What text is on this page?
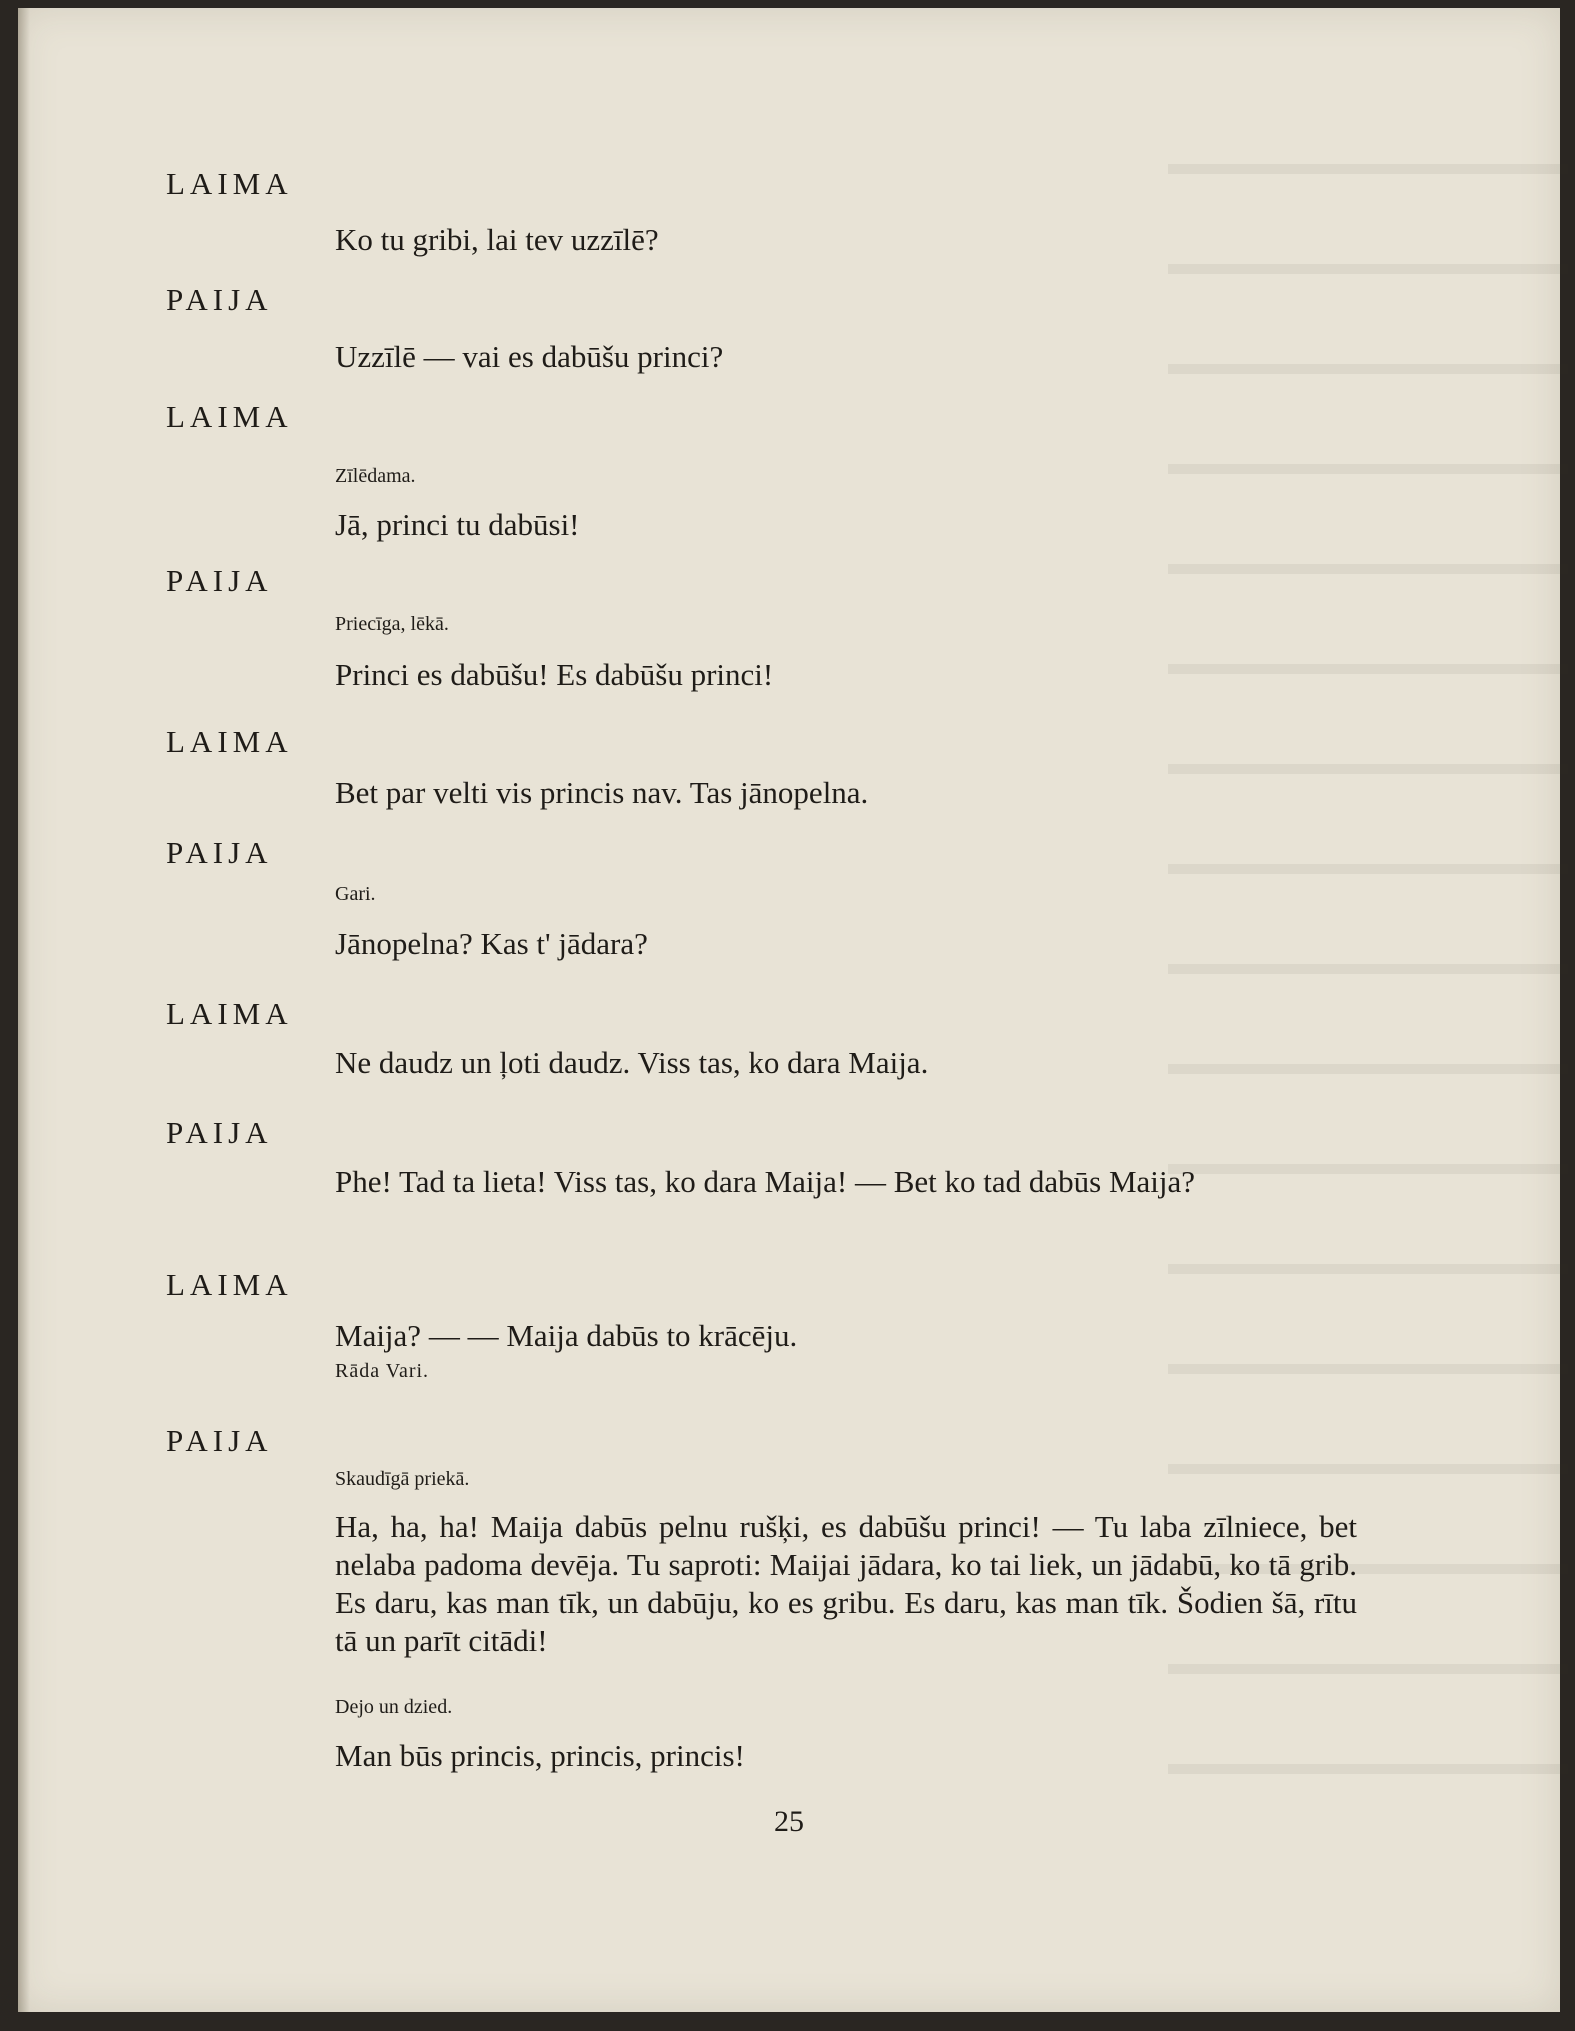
LAIMA
Ko tu gribi, lai tev uzzīlē?
PAIJA
Uzzīlē — vai es dabūšu princi?
LAIMA
Zīlēdama.
Jā, princi tu dabūsi!
PAIJA
Priecīga, lēkā.
Princi es dabūšu! Es dabūšu princi!
LAIMA
Bet par velti vis princis nav. Tas jānopelna.
PAIJA
Gari.
Jānopelna? Kas t' jādara?
LAIMA
Ne daudz un ļoti daudz. Viss tas, ko dara Maija.
PAIJA
Phe! Tad ta lieta! Viss tas, ko dara Maija! — Bet ko tad dabūs Maija?
LAIMA
Maija? — — Maija dabūs to krācēju.
Rāda Vari.
PAIJA
Skaudīgā priekā.
Ha, ha, ha! Maija dabūs pelnu rušķi, es dabūšu princi! — Tu laba zīlniece, bet nelaba padoma devēja. Tu saproti: Maijai jādara, ko tai liek, un jādabū, ko tā grib. Es daru, kas man tīk, un dabūju, ko es gribu. Es daru, kas man tīk. Šodien šā, rītu tā un parīt citādi!
Dejo un dzied.
Man būs princis, princis, princis!
25
